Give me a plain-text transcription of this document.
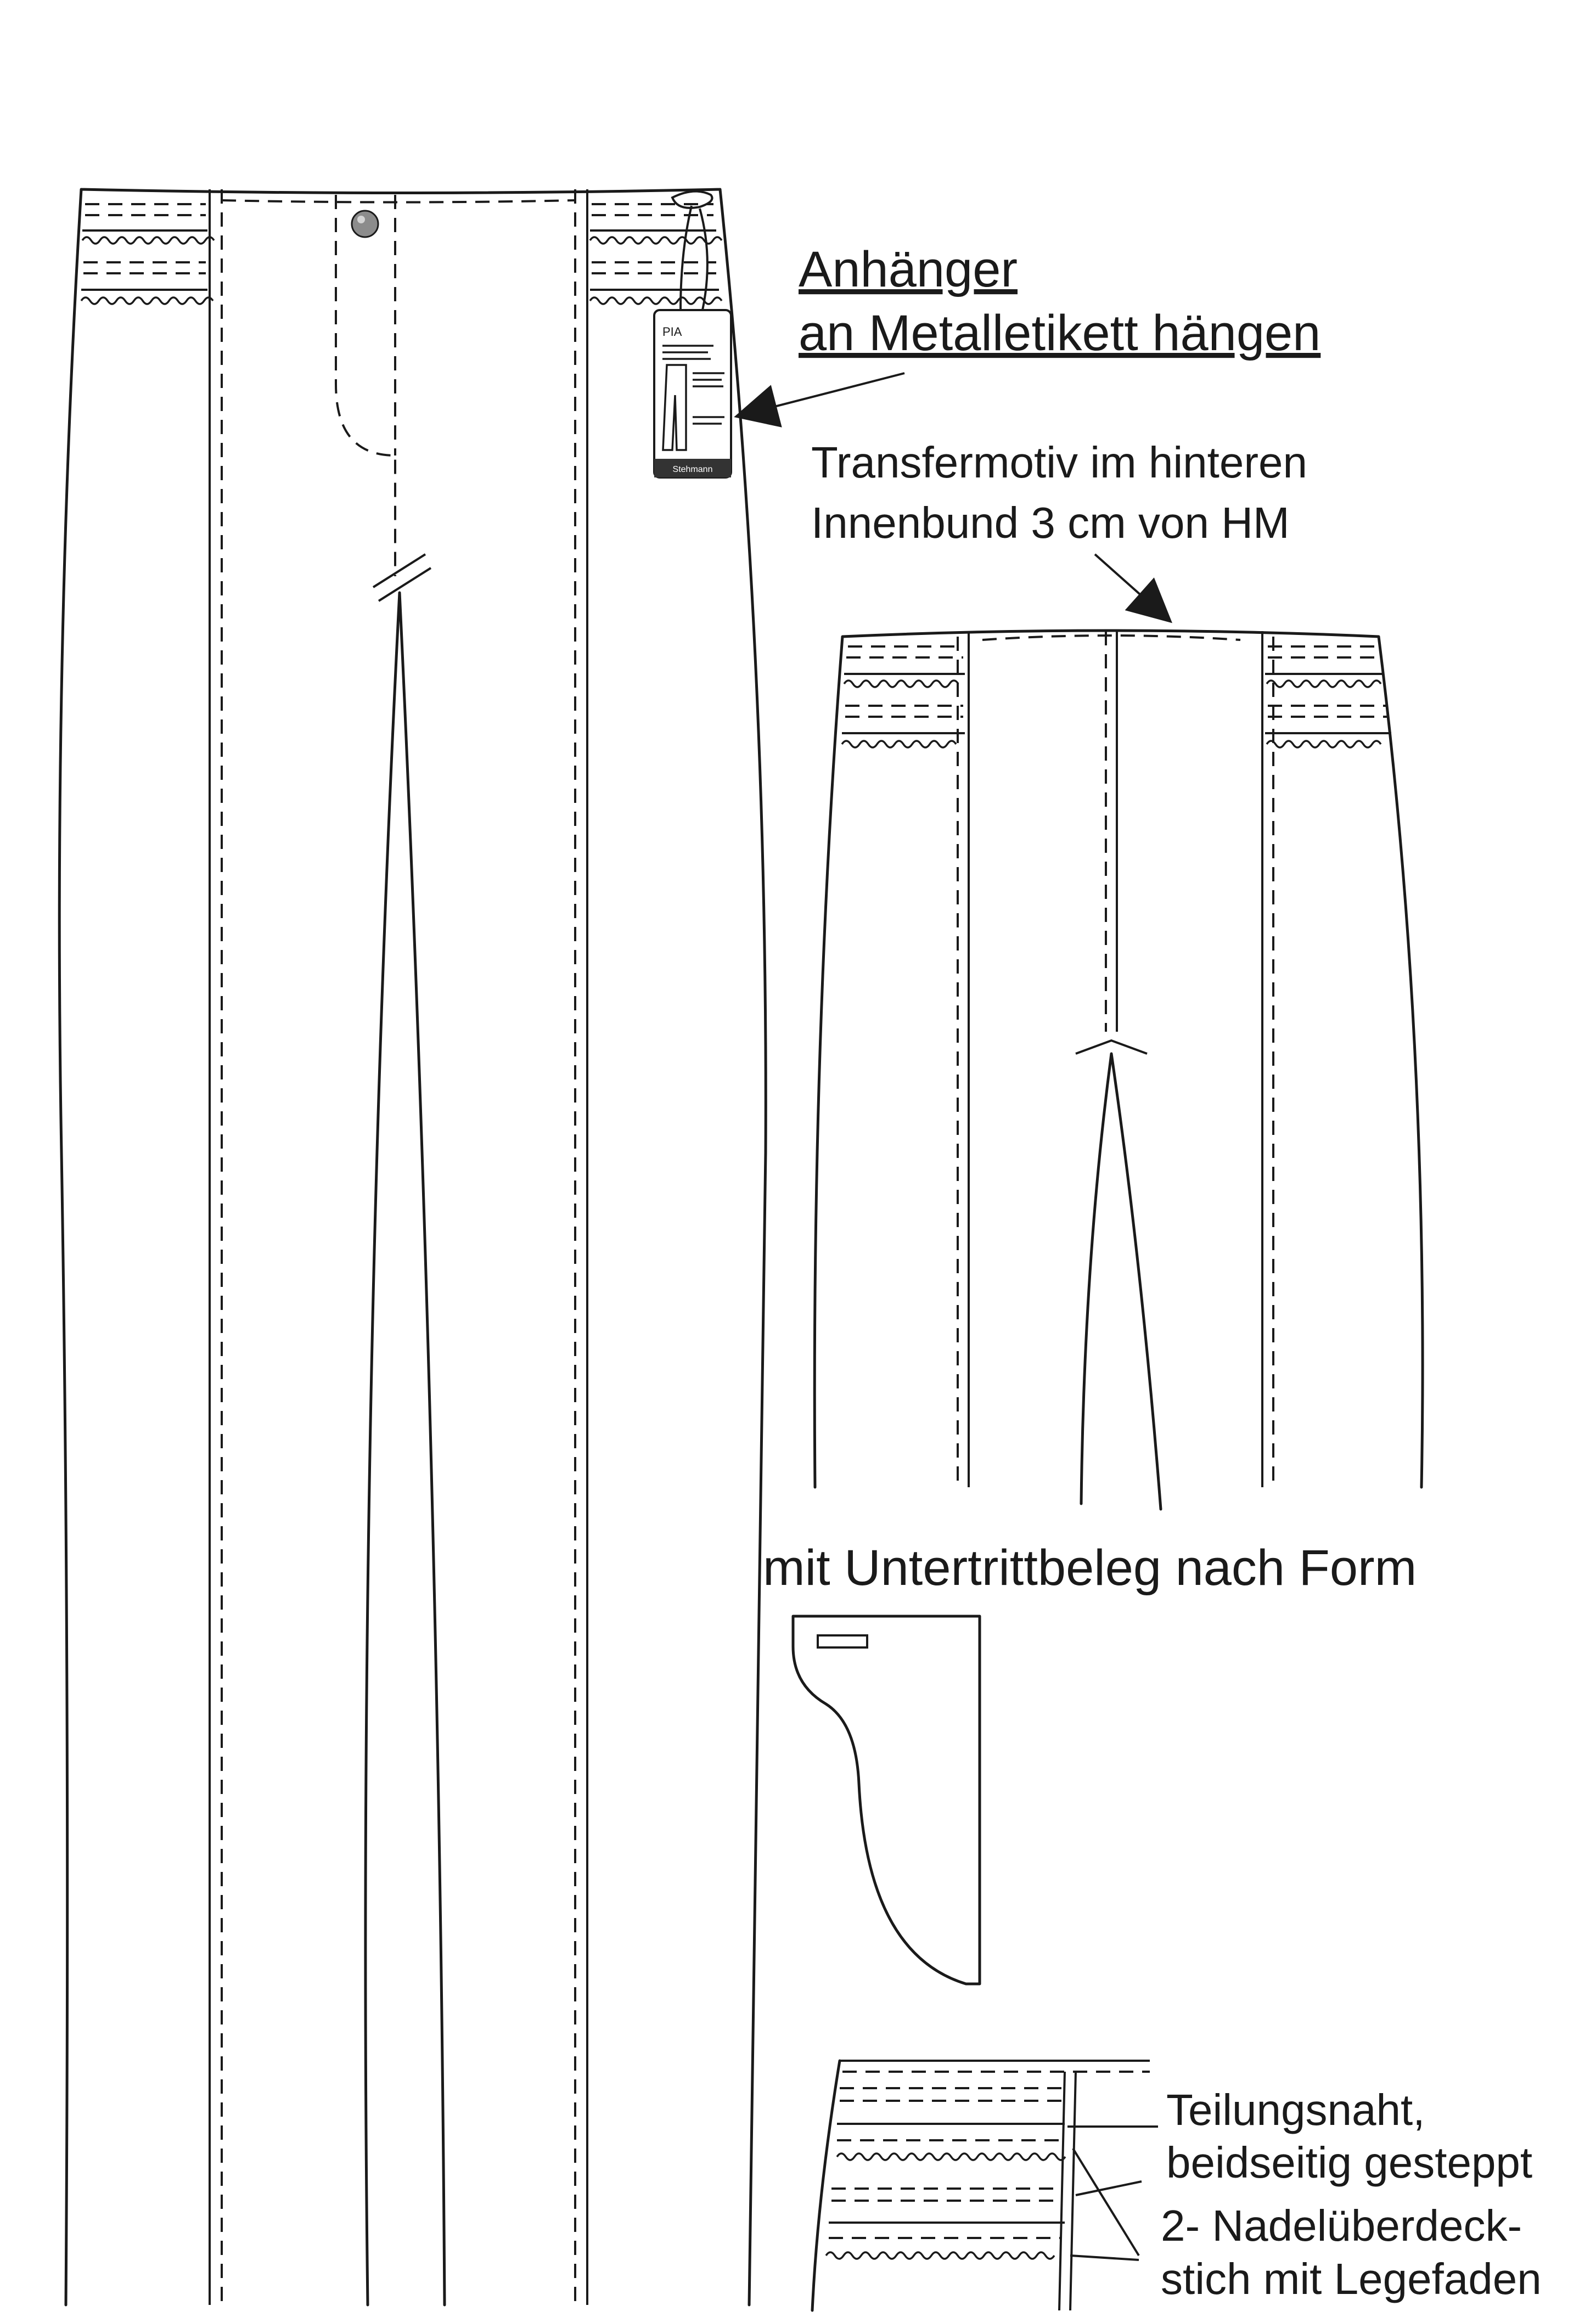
PIA
Stehmann
Anhänger
an Metalletikett hängen
Transfermotiv im hinteren
Innenbund 3 cm von HM
mit Untertrittbeleg nach Form
Teilungsnaht,
beidseitig gesteppt
2- Nadelüberdeck-
stich mit Legefaden
